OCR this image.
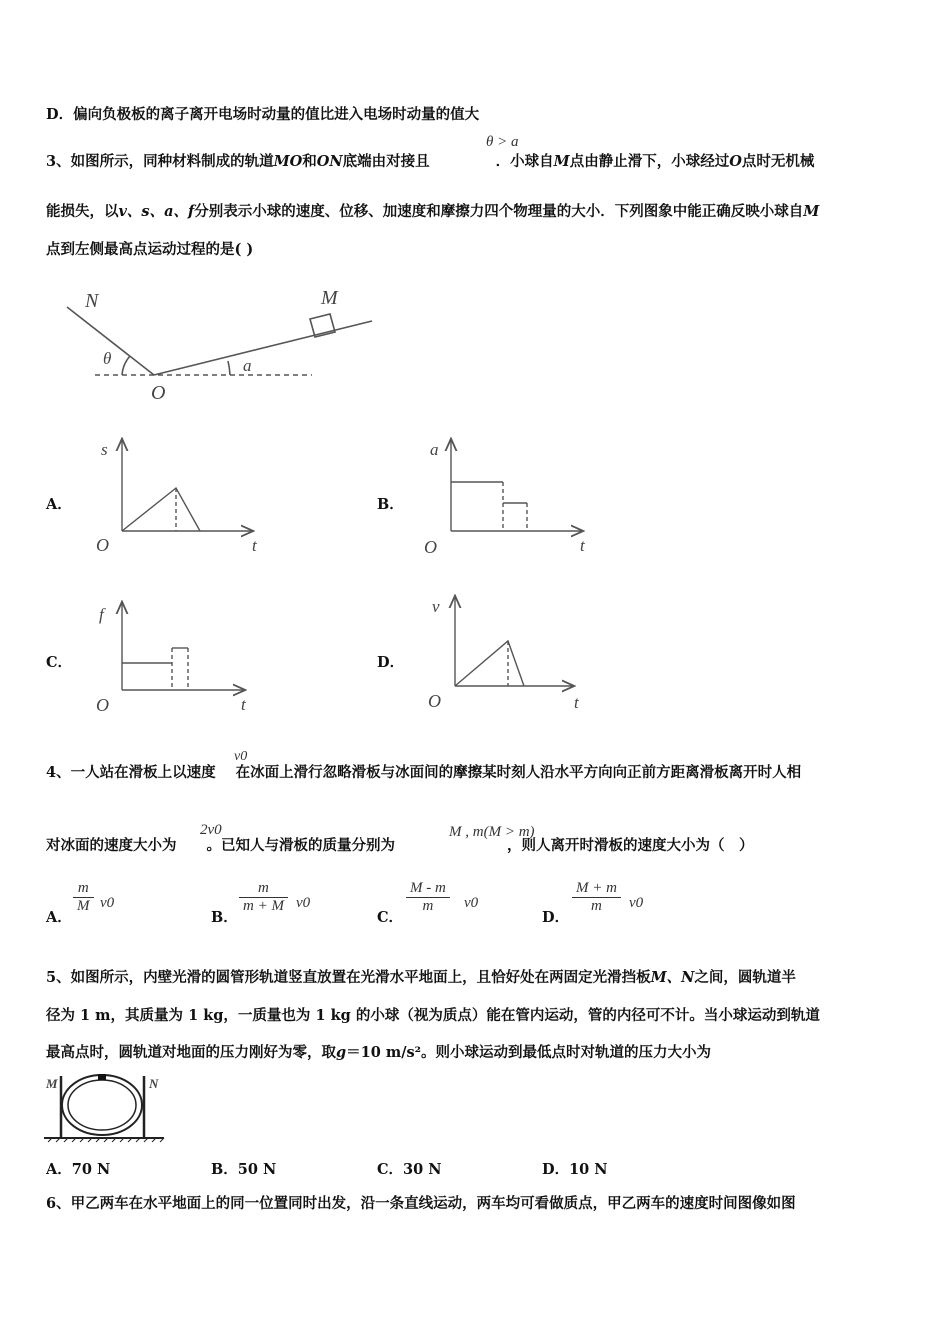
D．偏向负极板的离子离开电场时动量的值比进入电场时动量的值大
3、如图所示，同种材料制成的轨道MO和ON底端由对接且	．小球自M点由静止滑下，小球经过O点时无机械
θ > a
能损失，以v、s、a、f分别表示小球的速度、位移、加速度和摩擦力四个物理量的大小．下列图象中能正确反映小球自M
点到左侧最高点运动过程的是( )
N	M
O
θ	a
A．	B．
C．	D．
s
t
O
a
t
O
f
t
O
v
t
O
4、一人站在滑板上以速度 在冰面上滑行忽略滑板与冰面间的摩擦某时刻人沿水平方向向正前方距离滑板离开时人相
v0
对冰面的速度大小为 。已知人与滑板的质量分别为	，则人离开时滑板的速度大小为（　）
2v0	M , m(M > m)
A．
$\frac{m}{M} v0$
B．
$\frac{m}{m + M} v0$
C．
$\frac{M - m}{m} v0$
D．
$\frac{M + m}{m} v0$
5、如图所示，内壁光滑的圆管形轨道竖直放置在光滑水平地面上，且恰好处在两固定光滑挡板M、N之间，圆轨道半
径为 1 m，其质量为 1 kg，一质量也为 1 kg 的小球（视为质点）能在管内运动，管的内径可不计。当小球运动到轨道
最高点时，圆轨道对地面的压力刚好为零，取g＝10 m/s²。则小球运动到最低点时对轨道的压力大小为
M	N
A．70 N	B．50 N	C．30 N	D．10 N
6、甲乙两车在水平地面上的同一位置同时出发，沿一条直线运动，两车均可看做质点，甲乙两车的速度时间图像如图
